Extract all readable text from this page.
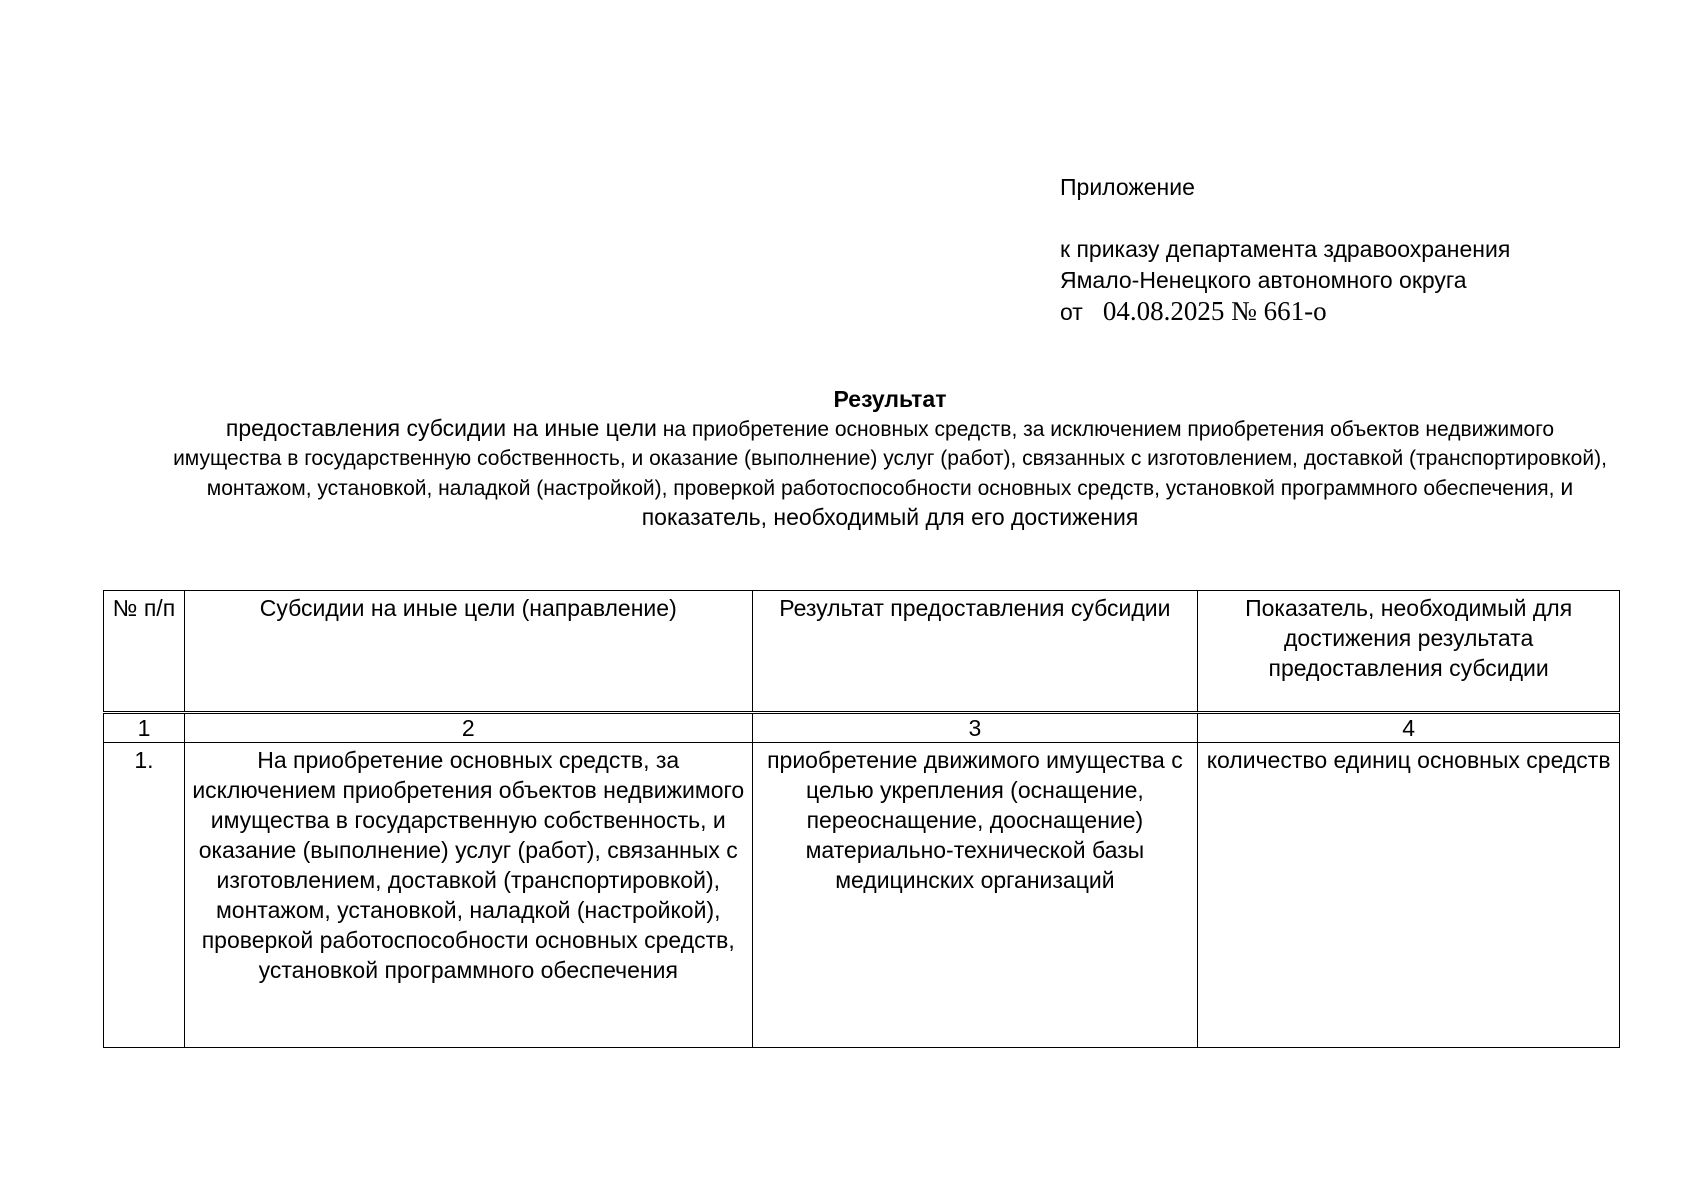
Приложение
к приказу департамента здравоохранения
Ямало-Ненецкого автономного округа
от 04.08.2025 № 661-о
Результат
предоставления субсидии на иные цели на приобретение основных средств, за исключением приобретения объектов недвижимого имущества в государственную собственность, и оказание (выполнение) услуг (работ), связанных с изготовлением, доставкой (транспортировкой), монтажом, установкой, наладкой (настройкой), проверкой работоспособности основных средств, установкой программного обеспечения, и показатель, необходимый для его достижения
№ п/п	Субсидии на иные цели (направление)	Результат предоставления субсидии	Показатель, необходимый для достижения результата предоставления субсидии
1	2	3	4
1.	На приобретение основных средств, за исключением приобретения объектов недвижимого имущества в государственную собственность, и оказание (выполнение) услуг (работ), связанных с изготовлением, доставкой (транспортировкой), монтажом, установкой, наладкой (настройкой), проверкой работоспособности основных средств, установкой программного обеспечения	приобретение движимого имущества с целью укрепления (оснащение, переоснащение, дооснащение) материально-технической базы медицинских организаций	количество единиц основных средств
